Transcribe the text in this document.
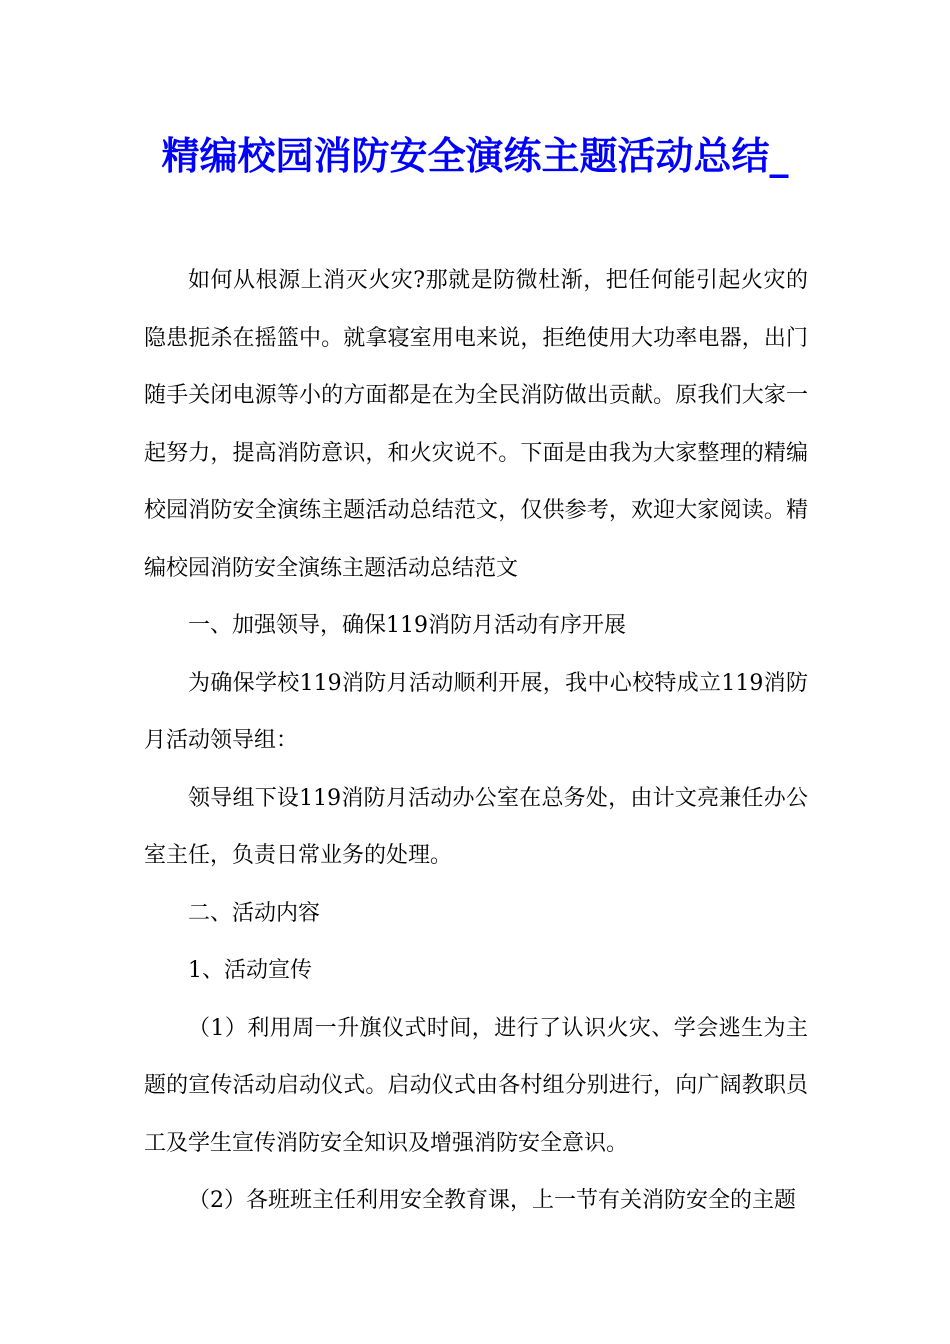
精编校园消防安全演练主题活动总结_

如何从根源上消灭火灾?那就是防微杜渐，把任何能引起火灾的隐患扼杀在摇篮中。就拿寝室用电来说，拒绝使用大功率电器，出门随手关闭电源等小的方面都是在为全民消防做出贡献。原我们大家一起努力，提高消防意识，和火灾说不。下面是由我为大家整理的精编校园消防安全演练主题活动总结范文，仅供参考，欢迎大家阅读。精编校园消防安全演练主题活动总结范文

一、加强领导，确保119消防月活动有序开展

为确保学校119消防月活动顺利开展，我中心校特成立119消防月活动领导组：

领导组下设119消防月活动办公室在总务处，由计文亮兼任办公室主任，负责日常业务的处理。

二、活动内容

1、活动宣传

（1）利用周一升旗仪式时间，进行了认识火灾、学会逃生为主题的宣传活动启动仪式。启动仪式由各村组分别进行，向广阔教职员工及学生宣传消防安全知识及增强消防安全意识。

（2）各班班主任利用安全教育课，上一节有关消防安全的主题
